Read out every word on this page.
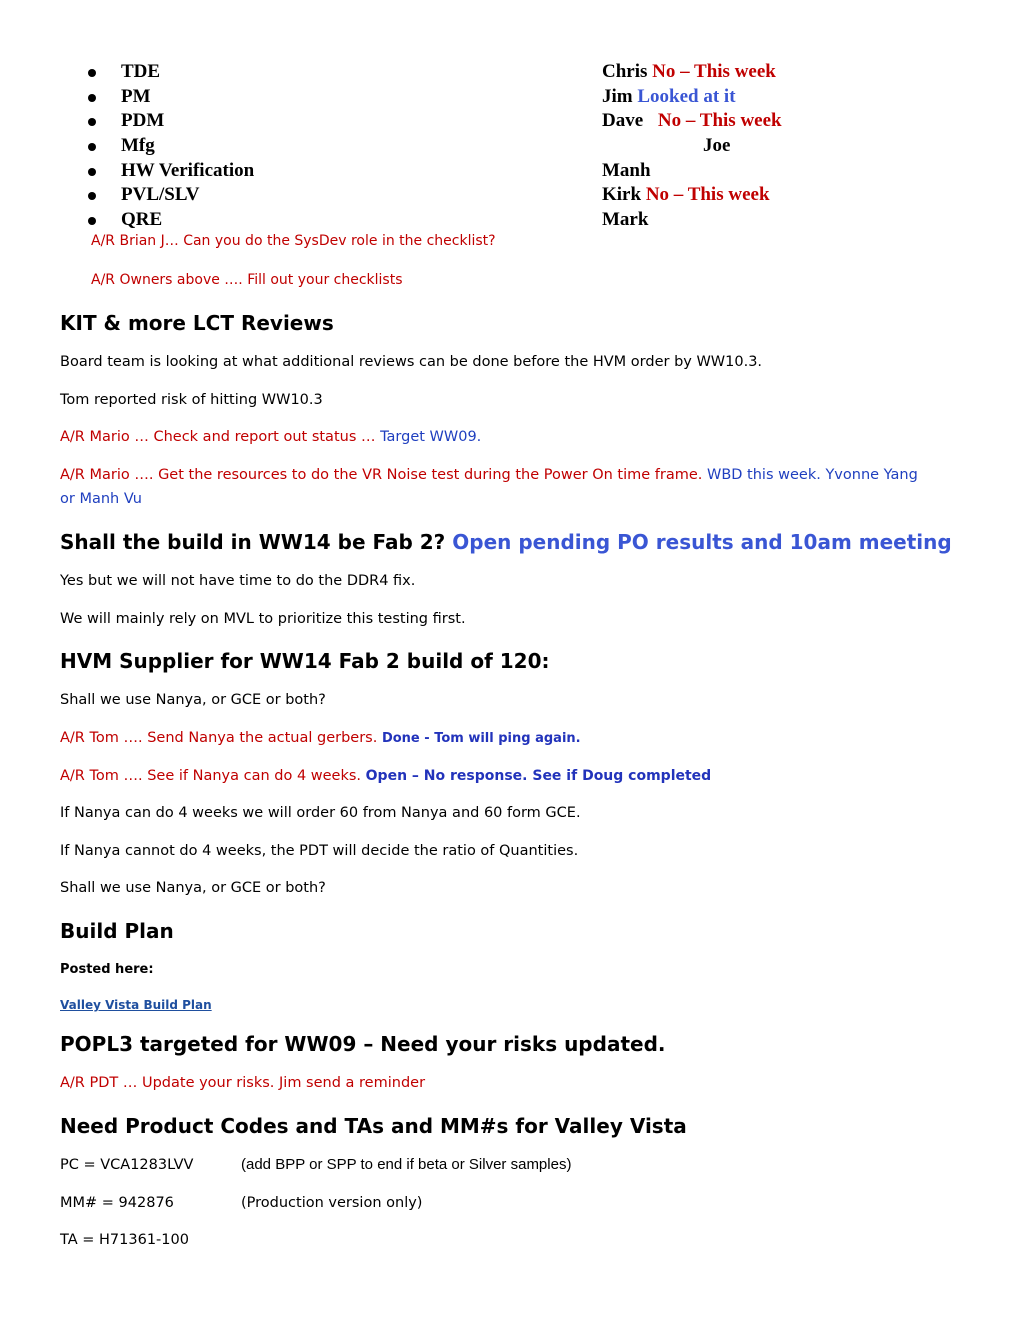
TDE
PM
PDM
Mfg
HW Verification
PVL/SLV
QRE
Chris No – This week
Jim Looked at it
Dave No – This week
Joe
Manh
Kirk No – This week
Mark
A/R Brian J… Can you do the SysDev role in the checklist?
A/R Owners above …. Fill out your checklists
KIT & more LCT Reviews
Board team is looking at what additional reviews can be done before the HVM order by WW10.3.
Tom reported risk of hitting WW10.3
A/R Mario … Check and report out status … Target WW09.
A/R Mario …. Get the resources to do the VR Noise test during the Power On time frame. WBD this week. Yvonne Yang
or Manh Vu
Shall the build in WW14 be Fab 2? Open pending PO results and 10am meeting
Yes but we will not have time to do the DDR4 fix.
We will mainly rely on MVL to prioritize this testing first.
HVM Supplier for WW14 Fab 2 build of 120:
Shall we use Nanya, or GCE or both?
A/R Tom …. Send Nanya the actual gerbers. Done - Tom will ping again.
A/R Tom …. See if Nanya can do 4 weeks. Open – No response. See if Doug completed
If Nanya can do 4 weeks we will order 60 from Nanya and 60 form GCE.
If Nanya cannot do 4 weeks, the PDT will decide the ratio of Quantities.
Shall we use Nanya, or GCE or both?
Build Plan
Posted here:
Valley Vista Build Plan
POPL3 targeted for WW09 – Need your risks updated.
A/R PDT … Update your risks. Jim send a reminder
Need Product Codes and TAs and MM#s for Valley Vista
PC = VCA1283LVV	(add BPP or SPP to end if beta or Silver samples)
MM# = 942876	(Production version only)
TA = H71361-100
